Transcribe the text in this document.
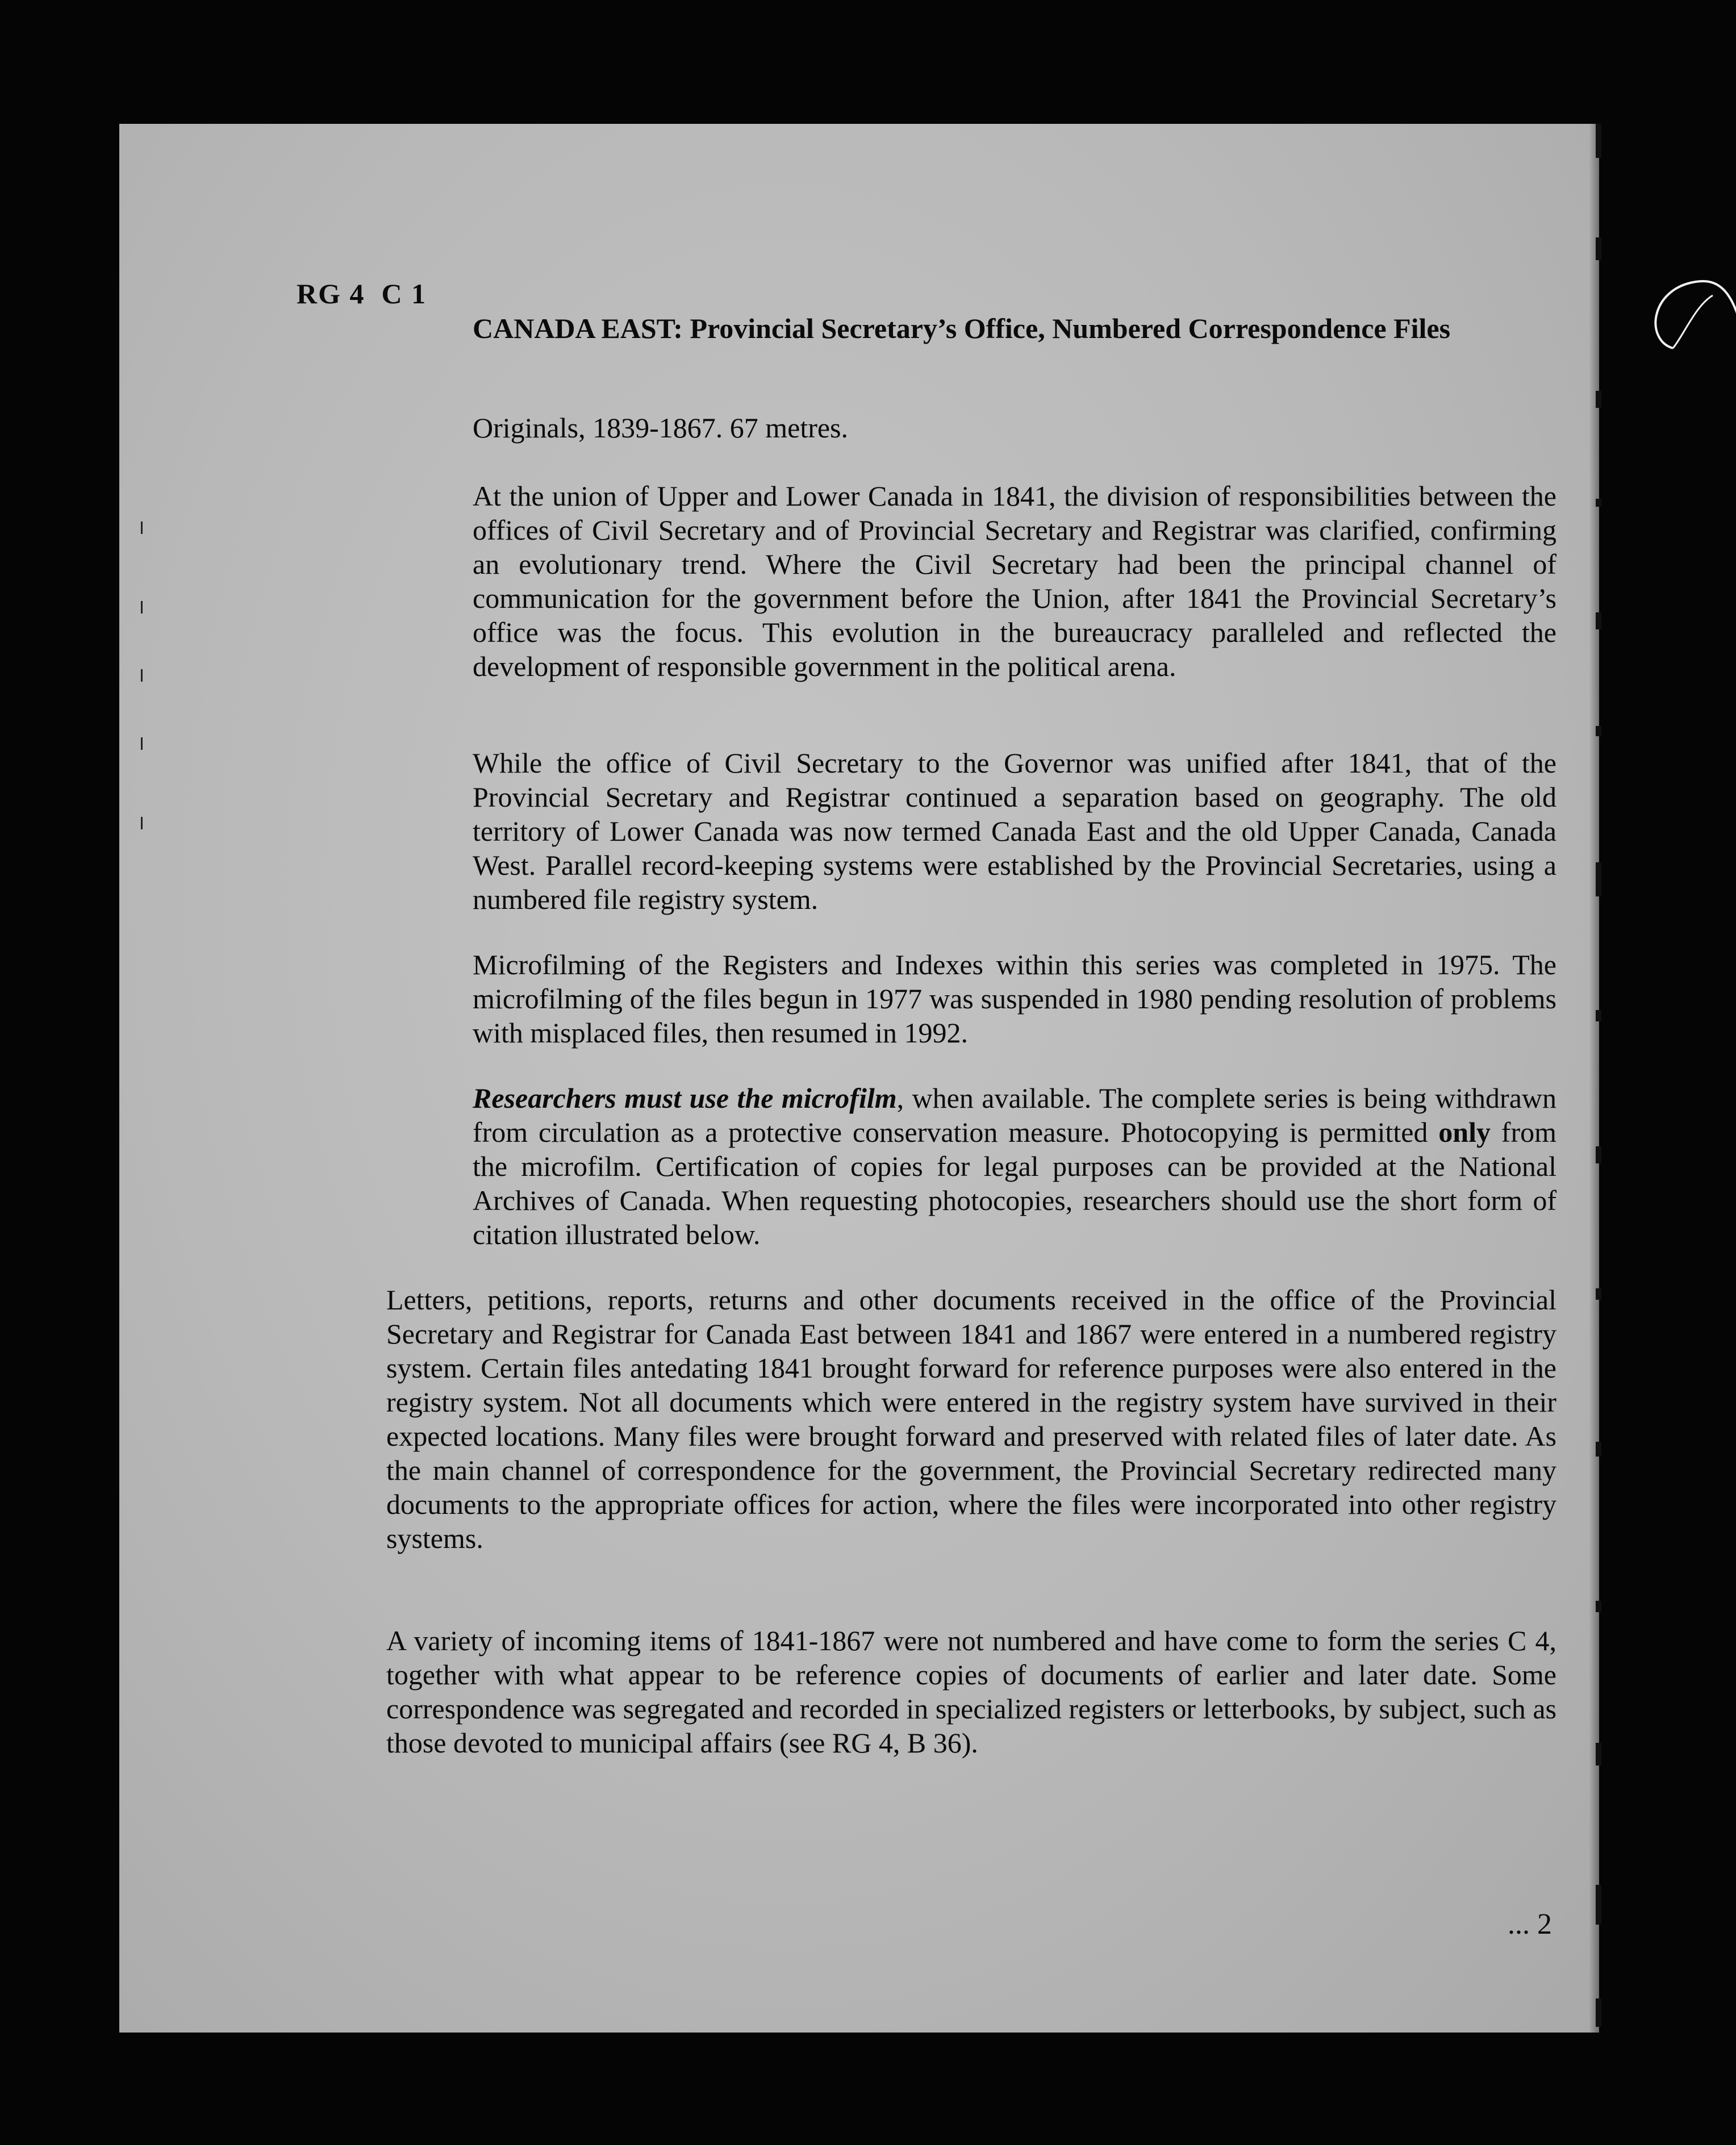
RG 4  C 1
CANADA EAST: Provincial Secretary’s Office, Numbered Correspondence Files
Originals, 1839-1867. 67 metres.

At the union of Upper and Lower Canada in 1841, the division of responsibilities between the offices of Civil Secretary and of Provincial Secretary and Registrar was clarified, confirming an evolutionary trend. Where the Civil Secretary had been the principal channel of communication for the government before the Union, after 1841 the Provincial Secretary’s office was the focus. This evolution in the bureaucracy paralleled and reflected the development of responsible government in the political arena.

While the office of Civil Secretary to the Governor was unified after 1841, that of the Provincial Secretary and Registrar continued a separation based on geography. The old territory of Lower Canada was now termed Canada East and the old Upper Canada, Canada West. Parallel record-keeping systems were established by the Provincial Secretaries, using a numbered file registry system.

Microfilming of the Registers and Indexes within this series was completed in 1975. The microfilming of the files begun in 1977 was suspended in 1980 pending resolution of problems with misplaced files, then resumed in 1992.

Researchers must use the microfilm, when available. The complete series is being withdrawn from circulation as a protective conservation measure. Photocopying is permitted only from the microfilm. Certification of copies for legal purposes can be provided at the National Archives of Canada. When requesting photocopies, researchers should use the short form of citation illustrated below.

Letters, petitions, reports, returns and other documents received in the office of the Provincial Secretary and Registrar for Canada East between 1841 and 1867 were entered in a numbered registry system. Certain files antedating 1841 brought forward for reference purposes were also entered in the registry system. Not all documents which were entered in the registry system have survived in their expected locations. Many files were brought forward and preserved with related files of later date. As the main channel of correspondence for the government, the Provincial Secretary redirected many documents to the appropriate offices for action, where the files were incorporated into other registry systems.

A variety of incoming items of 1841-1867 were not numbered and have come to form the series C 4, together with what appear to be reference copies of documents of earlier and later date. Some correspondence was segregated and recorded in specialized registers or letterbooks, by subject, such as those devoted to municipal affairs (see RG 4, B 36).

... 2
